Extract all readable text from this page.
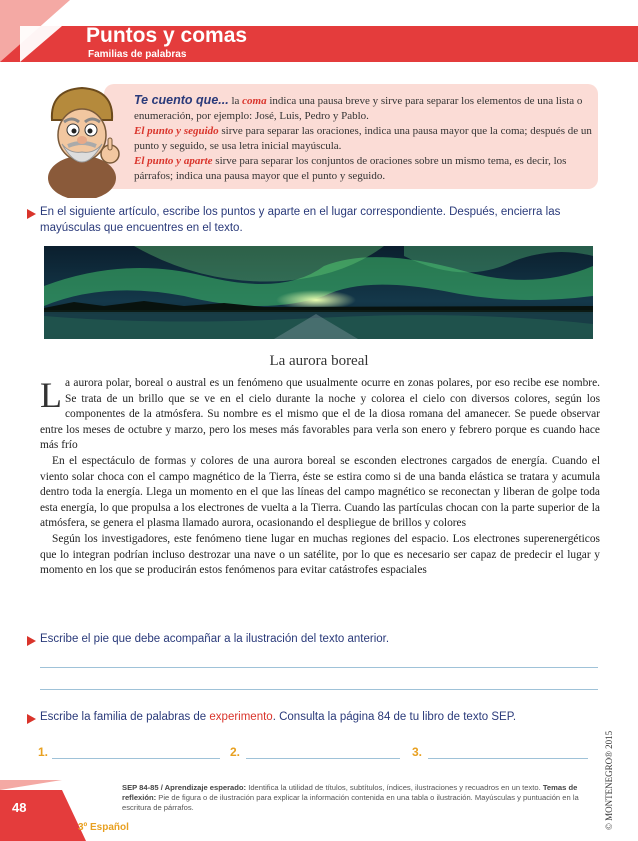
Puntos y comas
Familias de palabras
Te cuento que... la coma indica una pausa breve y sirve para separar los elementos de una lista o enumeración, por ejemplo: José, Luis, Pedro y Pablo.
El punto y seguido sirve para separar las oraciones, indica una pausa mayor que la coma; después de un punto y seguido, se usa letra inicial mayúscula.
El punto y aparte sirve para separar los conjuntos de oraciones sobre un mismo tema, es decir, los párrafos; indica una pausa mayor que el punto y seguido.
En el siguiente artículo, escribe los puntos y aparte en el lugar correspondiente. Después, encierra las mayúsculas que encuentres en el texto.
La aurora boreal

La aurora polar, boreal o austral es un fenómeno que usualmente ocurre en zonas polares, por eso recibe ese nombre. Se trata de un brillo que se ve en el cielo durante la noche y colorea el cielo con diversos colores, según los componentes de la atmósfera. Su nombre es el mismo que el de la diosa romana del amanecer. Se puede observar entre los meses de octubre y marzo, pero los meses más favorables para verla son enero y febrero porque es cuando hace más frío

En el espectáculo de formas y colores de una aurora boreal se esconden electrones cargados de energía. Cuando el viento solar choca con el campo magnético de la Tierra, éste se estira como si de una banda elástica se tratara y acumula dentro toda la energía. Llega un momento en el que las líneas del campo magnético se reconectan y liberan de golpe toda esta energía, lo que propulsa a los electrones de vuelta a la Tierra. Cuando las partículas chocan con la parte superior de la atmósfera, se genera el plasma llamado aurora, ocasionando el despliegue de brillos y colores

Según los investigadores, este fenómeno tiene lugar en muchas regiones del espacio. Los electrones superenergéticos que lo integran podrían incluso destrozar una nave o un satélite, por lo que es necesario ser capaz de predecir el lugar y momento en los que se producirán estos fenómenos para evitar catástrofes espaciales

Escribe el pie que debe acompañar a la ilustración del texto anterior.
Escribe la familia de palabras de experimento. Consulta la página 84 de tu libro de texto SEP.
1.	2.	3.	© MONTENEGRO® 2015
48
3º Español
SEP 84-85 / Aprendizaje esperado: Identifica la utilidad de títulos, subtítulos, índices, ilustraciones y recuadros en un texto. Temas de reflexión: Pie de figura o de ilustración para explicar la información contenida en una tabla o ilustración. Mayúsculas y puntuación en la escritura de párrafos.
